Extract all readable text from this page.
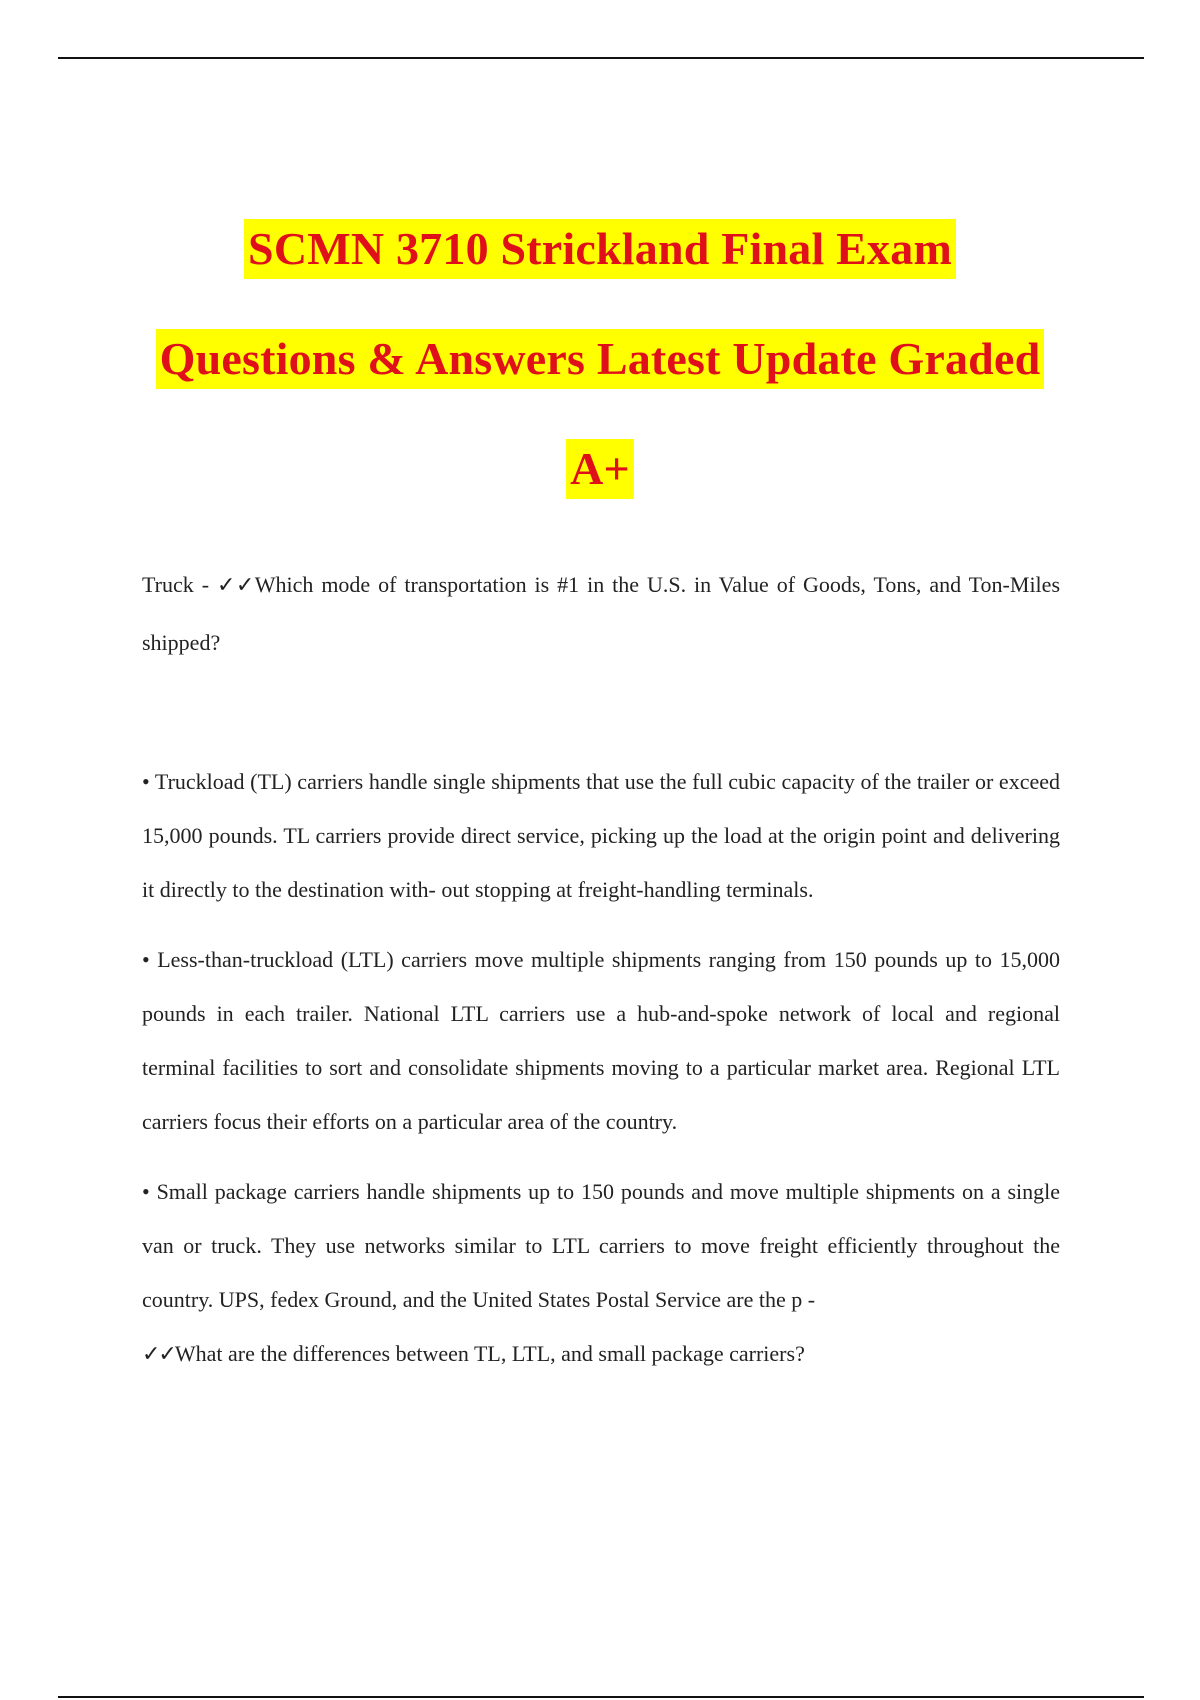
SCMN 3710 Strickland Final Exam
Questions & Answers Latest Update Graded
A+

Truck - ✓✓Which mode of transportation is #1 in the U.S. in Value of Goods, Tons, and Ton-Miles shipped?

• Truckload (TL) carriers handle single shipments that use the full cubic capacity of the trailer or exceed 15,000 pounds. TL carriers provide direct service, picking up the load at the origin point and delivering it directly to the destination with- out stopping at freight-handling terminals.

• Less-than-truckload (LTL) carriers move multiple shipments ranging from 150 pounds up to 15,000 pounds in each trailer. National LTL carriers use a hub-and-spoke network of local and regional terminal facilities to sort and consolidate shipments moving to a particular market area. Regional LTL carriers focus their efforts on a particular area of the country.

• Small package carriers handle shipments up to 150 pounds and move multiple shipments on a single van or truck. They use networks similar to LTL carriers to move freight efficiently throughout the country. UPS, fedex Ground, and the United States Postal Service are the p -
✓✓What are the differences between TL, LTL, and small package carriers?
